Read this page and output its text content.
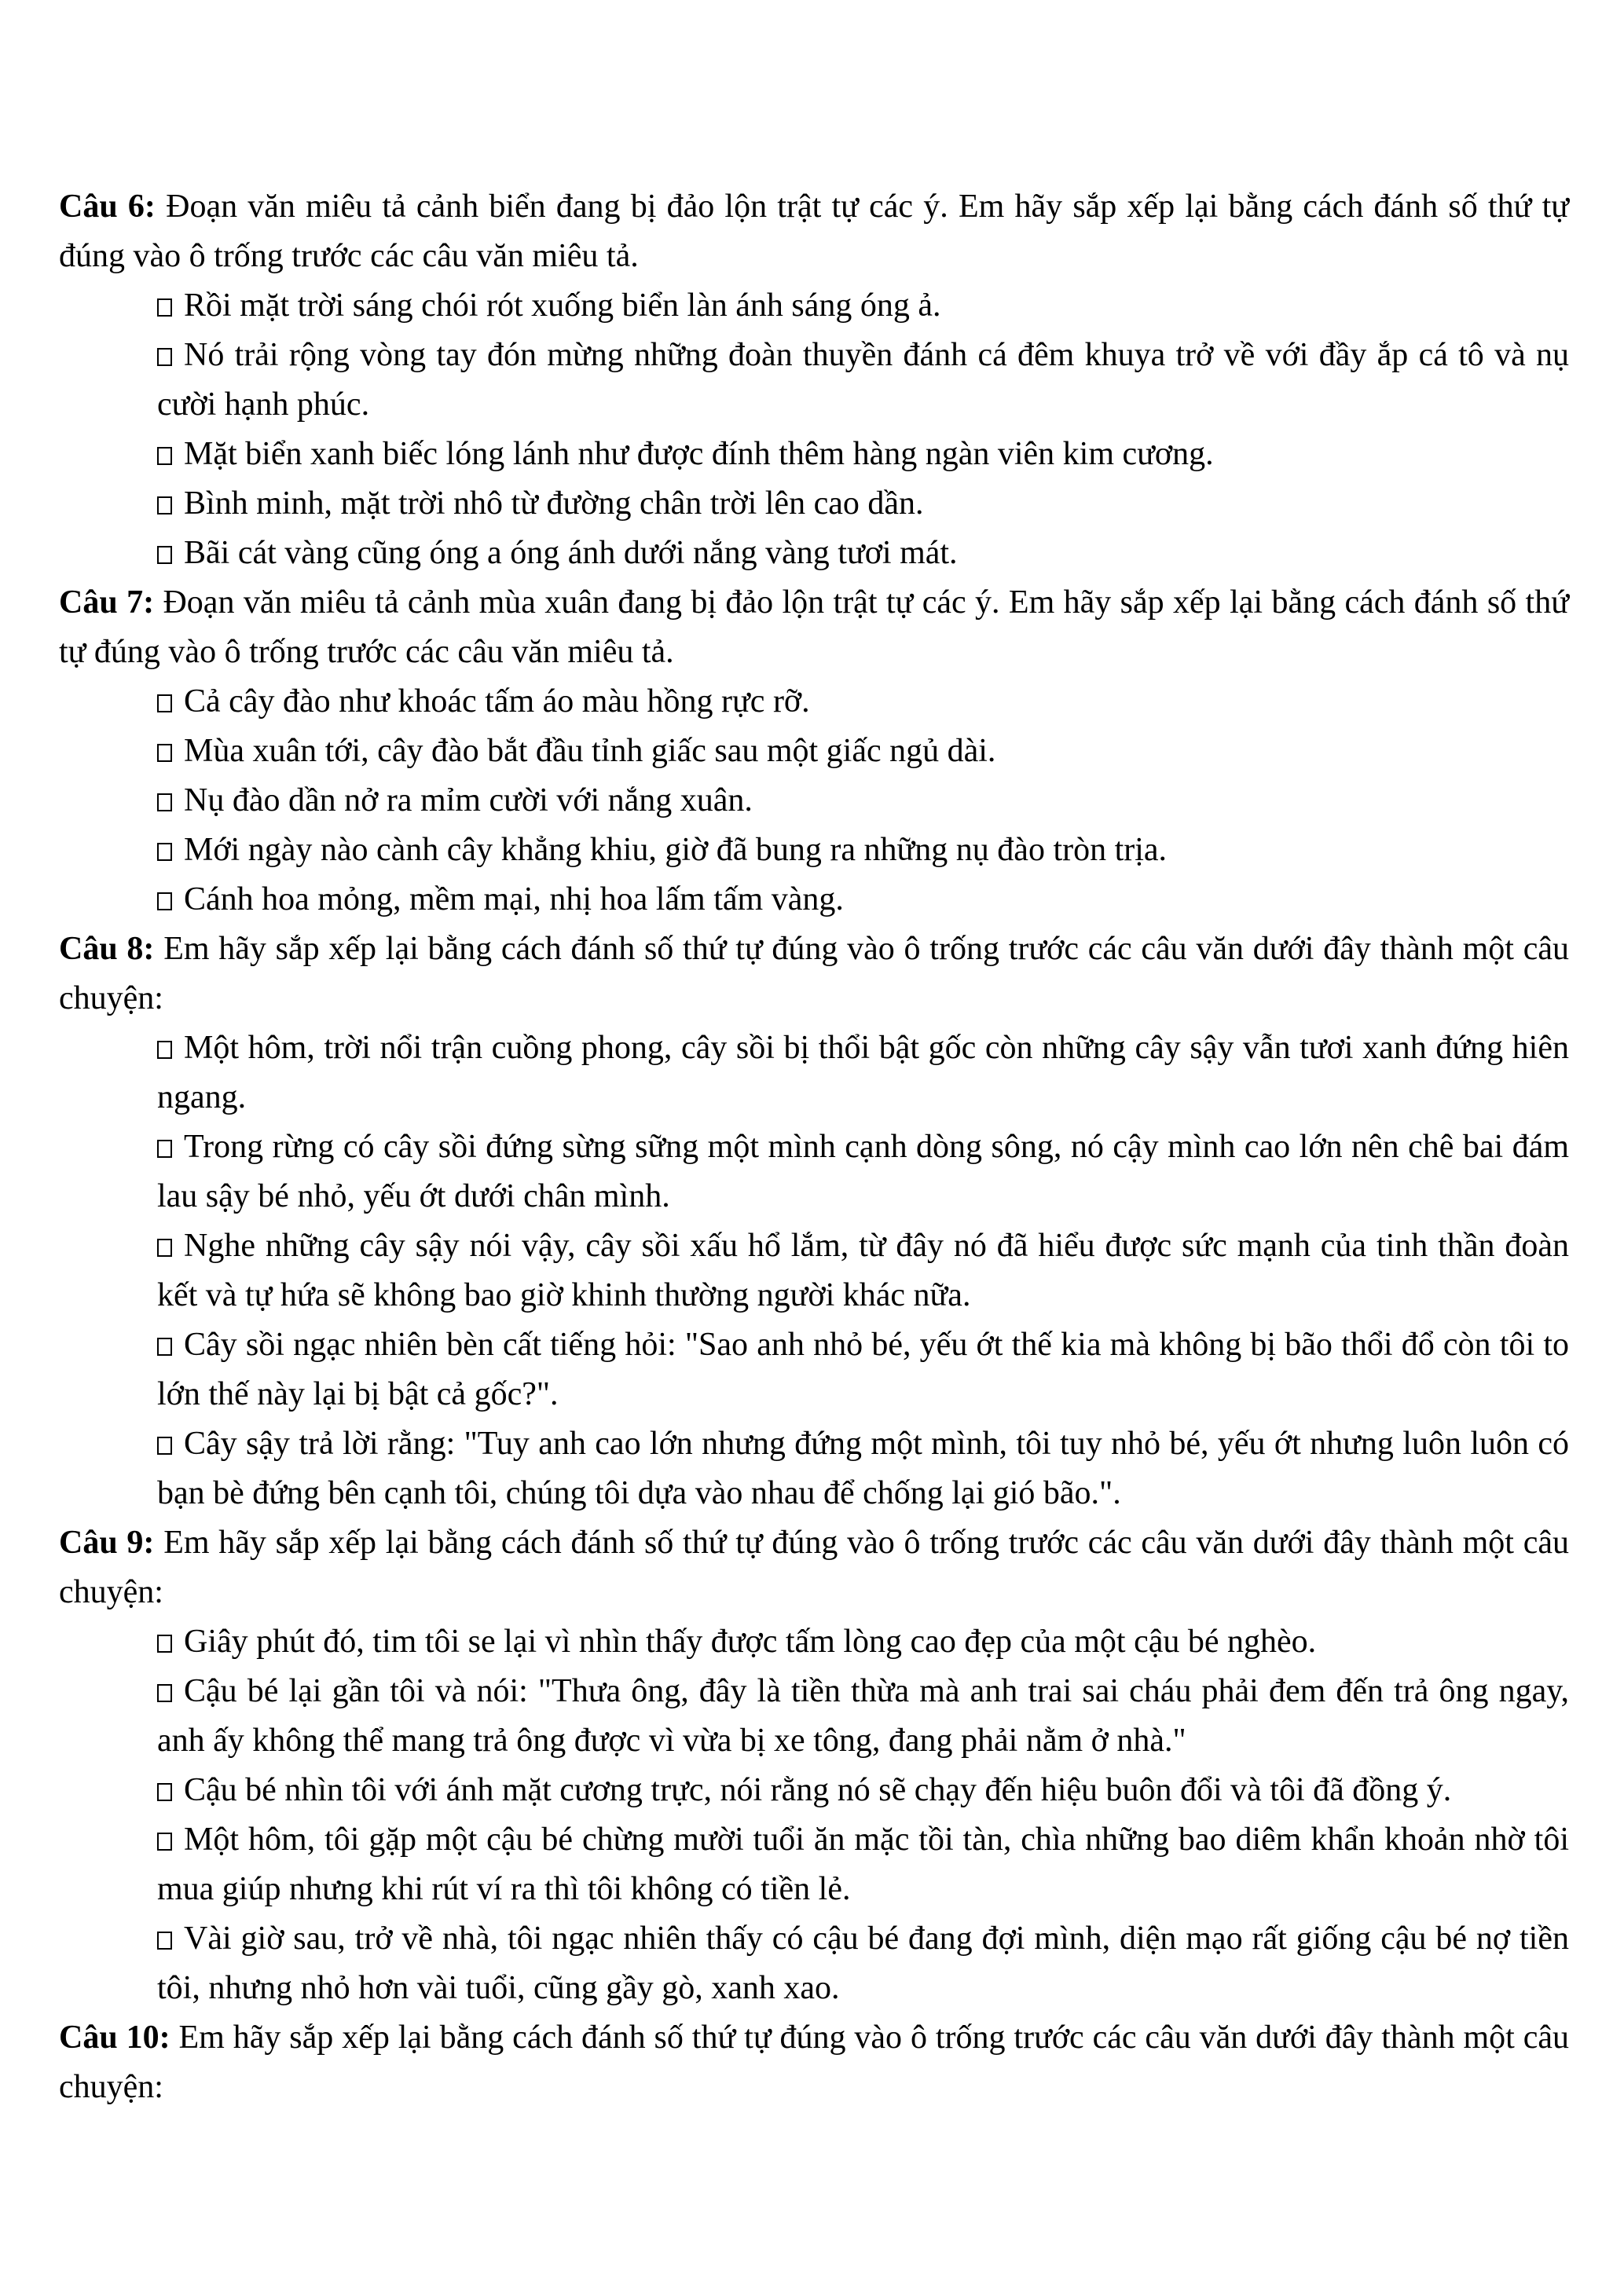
Câu 6: Đoạn văn miêu tả cảnh biển đang bị đảo lộn trật tự các ý. Em hãy sắp xếp lại bằng cách đánh số thứ tự đúng vào ô trống trước các câu văn miêu tả.

Rồi mặt trời sáng chói rót xuống biển làn ánh sáng óng ả.

Nó trải rộng vòng tay đón mừng những đoàn thuyền đánh cá đêm khuya trở về với đầy ắp cá tô và nụ cười hạnh phúc.

Mặt biển xanh biếc lóng lánh như được đính thêm hàng ngàn viên kim cương.

Bình minh, mặt trời nhô từ đường chân trời lên cao dần.

Bãi cát vàng cũng óng a óng ánh dưới nắng vàng tươi mát.

Câu 7: Đoạn văn miêu tả cảnh mùa xuân đang bị đảo lộn trật tự các ý. Em hãy sắp xếp lại bằng cách đánh số thứ tự đúng vào ô trống trước các câu văn miêu tả.

Cả cây đào như khoác tấm áo màu hồng rực rỡ.

Mùa xuân tới, cây đào bắt đầu tỉnh giấc sau một giấc ngủ dài.

Nụ đào dần nở ra mỉm cười với nắng xuân.

Mới ngày nào cành cây khẳng khiu, giờ đã bung ra những nụ đào tròn trịa.

Cánh hoa mỏng, mềm mại, nhị hoa lấm tấm vàng.

Câu 8: Em hãy sắp xếp lại bằng cách đánh số thứ tự đúng vào ô trống trước các câu văn dưới đây thành một câu chuyện:

Một hôm, trời nổi trận cuồng phong, cây sồi bị thổi bật gốc còn những cây sậy vẫn tươi xanh đứng hiên ngang.

Trong rừng có cây sồi đứng sừng sững một mình cạnh dòng sông, nó cậy mình cao lớn nên chê bai đám lau sậy bé nhỏ, yếu ớt dưới chân mình.

Nghe những cây sậy nói vậy, cây sồi xấu hổ lắm, từ đây nó đã hiểu được sức mạnh của tinh thần đoàn kết và tự hứa sẽ không bao giờ khinh thường người khác nữa.

Cây sồi ngạc nhiên bèn cất tiếng hỏi: "Sao anh nhỏ bé, yếu ớt thế kia mà không bị bão thổi đổ còn tôi to lớn thế này lại bị bật cả gốc?".

Cây sậy trả lời rằng: "Tuy anh cao lớn nhưng đứng một mình, tôi tuy nhỏ bé, yếu ớt nhưng luôn luôn có bạn bè đứng bên cạnh tôi, chúng tôi dựa vào nhau để chống lại gió bão.".

Câu 9: Em hãy sắp xếp lại bằng cách đánh số thứ tự đúng vào ô trống trước các câu văn dưới đây thành một câu chuyện:

Giây phút đó, tim tôi se lại vì nhìn thấy được tấm lòng cao đẹp của một cậu bé nghèo.

Cậu bé lại gần tôi và nói: "Thưa ông, đây là tiền thừa mà anh trai sai cháu phải đem đến trả ông ngay, anh ấy không thể mang trả ông được vì vừa bị xe tông, đang phải nằm ở nhà."

Cậu bé nhìn tôi với ánh mặt cương trực, nói rằng nó sẽ chạy đến hiệu buôn đổi và tôi đã đồng ý.

Một hôm, tôi gặp một cậu bé chừng mười tuổi ăn mặc tồi tàn, chìa những bao diêm khẩn khoản nhờ tôi mua giúp nhưng khi rút ví ra thì tôi không có tiền lẻ.

Vài giờ sau, trở về nhà, tôi ngạc nhiên thấy có cậu bé đang đợi mình, diện mạo rất giống cậu bé nợ tiền tôi, nhưng nhỏ hơn vài tuổi, cũng gầy gò, xanh xao.

Câu 10: Em hãy sắp xếp lại bằng cách đánh số thứ tự đúng vào ô trống trước các câu văn dưới đây thành một câu chuyện:
